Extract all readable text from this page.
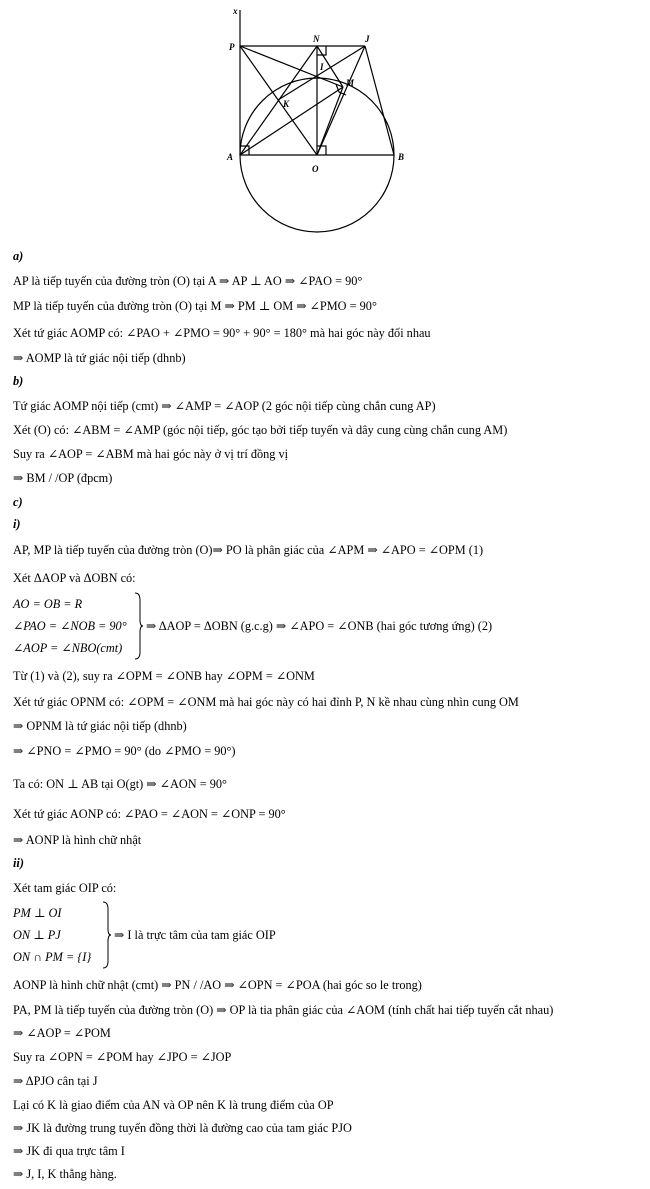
x
P
N	J
I
M
K
A
O
B
a)
AP là tiếp tuyến của đường tròn (O) tại A ⇒ AP ⊥ AO ⇒ ∠PAO = 90°
MP là tiếp tuyến của đường tròn (O) tại M ⇒ PM ⊥ OM ⇒ ∠PMO = 90°
Xét tứ giác AOMP có: ∠PAO + ∠PMO = 90° + 90° = 180° mà hai góc này đối nhau
⇒ AOMP là tứ giác nội tiếp (dhnb)
b)
Tứ giác AOMP nội tiếp (cmt) ⇒ ∠AMP = ∠AOP (2 góc nội tiếp cùng chắn cung AP)
Xét (O) có: ∠ABM = ∠AMP (góc nội tiếp, góc tạo bởi tiếp tuyến và dây cung cùng chắn cung AM)
Suy ra ∠AOP = ∠ABM mà hai góc này ở vị trí đồng vị
⇒ BM / /OP (đpcm)
c)
i)
AP, MP là tiếp tuyến của đường tròn (O)⇒ PO là phân giác của ∠APM ⇒ ∠APO = ∠OPM (1)
Xét ΔAOP và ΔOBN có:
AO = OB = R
∠PAO = ∠NOB = 90°
∠AOP = ∠NBO(cmt)
⇒ ΔAOP = ΔOBN (g.c.g) ⇒ ∠APO = ∠ONB (hai góc tương ứng) (2)
Từ (1) và (2), suy ra ∠OPM = ∠ONB hay ∠OPM = ∠ONM
Xét tứ giác OPNM có: ∠OPM = ∠ONM mà hai góc này có hai đỉnh P, N kề nhau cùng nhìn cung OM
⇒ OPNM là tứ giác nội tiếp (dhnb)
⇒ ∠PNO = ∠PMO = 90° (do ∠PMO = 90°)
Ta có: ON ⊥ AB tại O(gt) ⇒ ∠AON = 90°
Xét tứ giác AONP có: ∠PAO = ∠AON = ∠ONP = 90°
⇒ AONP là hình chữ nhật
ii)
Xét tam giác OIP có:
PM ⊥ OI
ON ⊥ PJ
ON ∩ PM = {I}
⇒ I là trực tâm của tam giác OIP
AONP là hình chữ nhật (cmt) ⇒ PN / /AO ⇒ ∠OPN = ∠POA (hai góc so le trong)
PA, PM là tiếp tuyến của đường tròn (O) ⇒ OP là tia phân giác của ∠AOM (tính chất hai tiếp tuyến cắt nhau)
⇒ ∠AOP = ∠POM
Suy ra ∠OPN = ∠POM hay ∠JPO = ∠JOP
⇒ ΔPJO cân tại J
Lại có K là giao điểm của AN và OP nên K là trung điểm của OP
⇒ JK là đường trung tuyến đồng thời là đường cao của tam giác PJO
⇒ JK đi qua trực tâm I
⇒ J, I, K thẳng hàng.
